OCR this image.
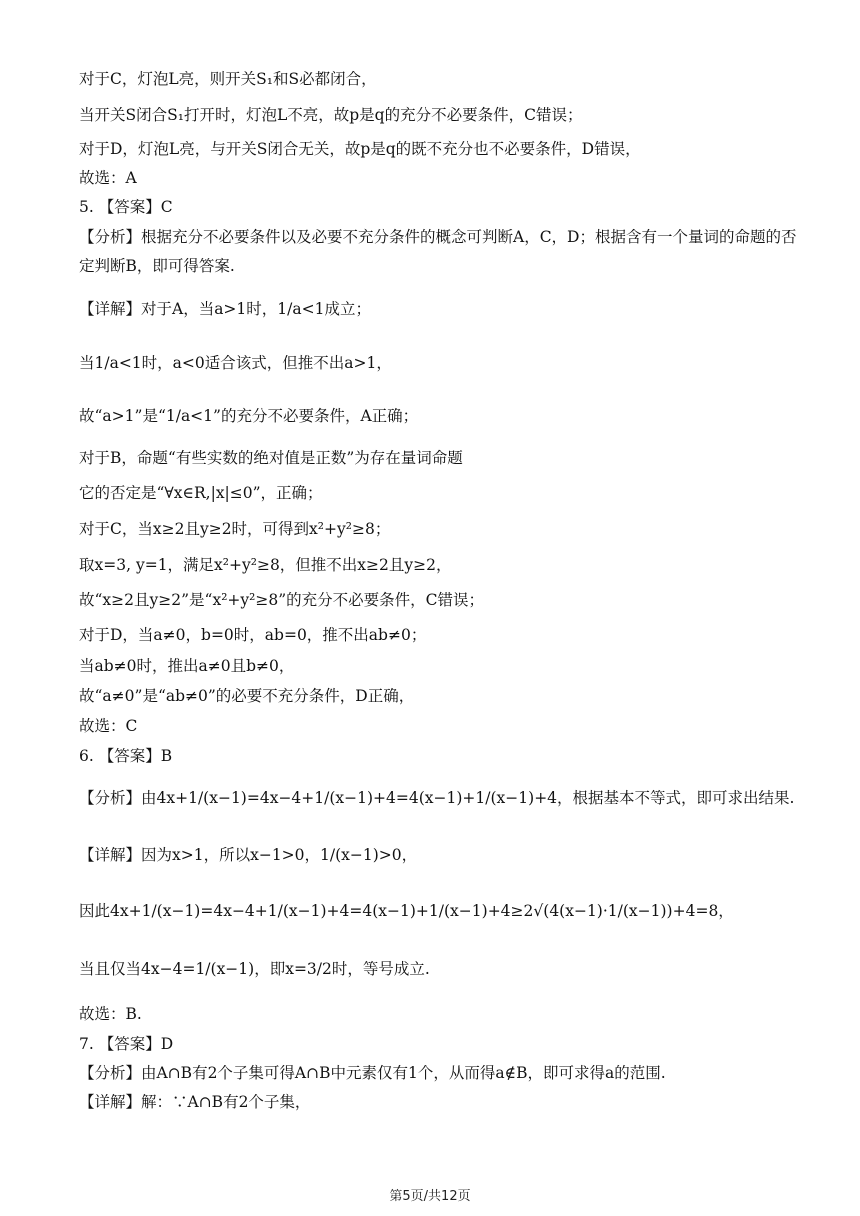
对于C，灯泡L亮，则开关S₁和S必都闭合，
当开关S闭合S₁打开时，灯泡L不亮，故p是q的充分不必要条件，C错误；
对于D，灯泡L亮，与开关S闭合无关，故p是q的既不充分也不必要条件，D错误，
故选：A
5. 【答案】C
【分析】根据充分不必要条件以及必要不充分条件的概念可判断A，C，D；根据含有一个量词的命题的否
定判断B，即可得答案.
【详解】对于A，当a>1时，1/a<1成立；
当1/a<1时，a<0适合该式，但推不出a>1，
故“a>1”是“1/a<1”的充分不必要条件，A正确；
对于B，命题“有些实数的绝对值是正数”为存在量词命题
它的否定是“∀x∈R,|x|≤0”，正确；
对于C，当x≥2且y≥2时，可得到x²+y²≥8；
取x=3, y=1，满足x²+y²≥8，但推不出x≥2且y≥2，
故“x≥2且y≥2”是“x²+y²≥8”的充分不必要条件，C错误；
对于D，当a≠0，b=0时，ab=0，推不出ab≠0；
当ab≠0时，推出a≠0且b≠0，
故“a≠0”是“ab≠0”的必要不充分条件，D正确，
故选：C
6. 【答案】B
【分析】由4x+1/(x−1)=4x−4+1/(x−1)+4=4(x−1)+1/(x−1)+4，根据基本不等式，即可求出结果.
【详解】因为x>1，所以x−1>0，1/(x−1)>0，
因此4x+1/(x−1)=4x−4+1/(x−1)+4=4(x−1)+1/(x−1)+4≥2√(4(x−1)·1/(x−1))+4=8，
当且仅当4x−4=1/(x−1)，即x=3/2时，等号成立.
故选：B.
7. 【答案】D
【分析】由A∩B有2个子集可得A∩B中元素仅有1个，从而得a∉B，即可求得a的范围.
【详解】解：∵A∩B有2个子集，
第5页/共12页
